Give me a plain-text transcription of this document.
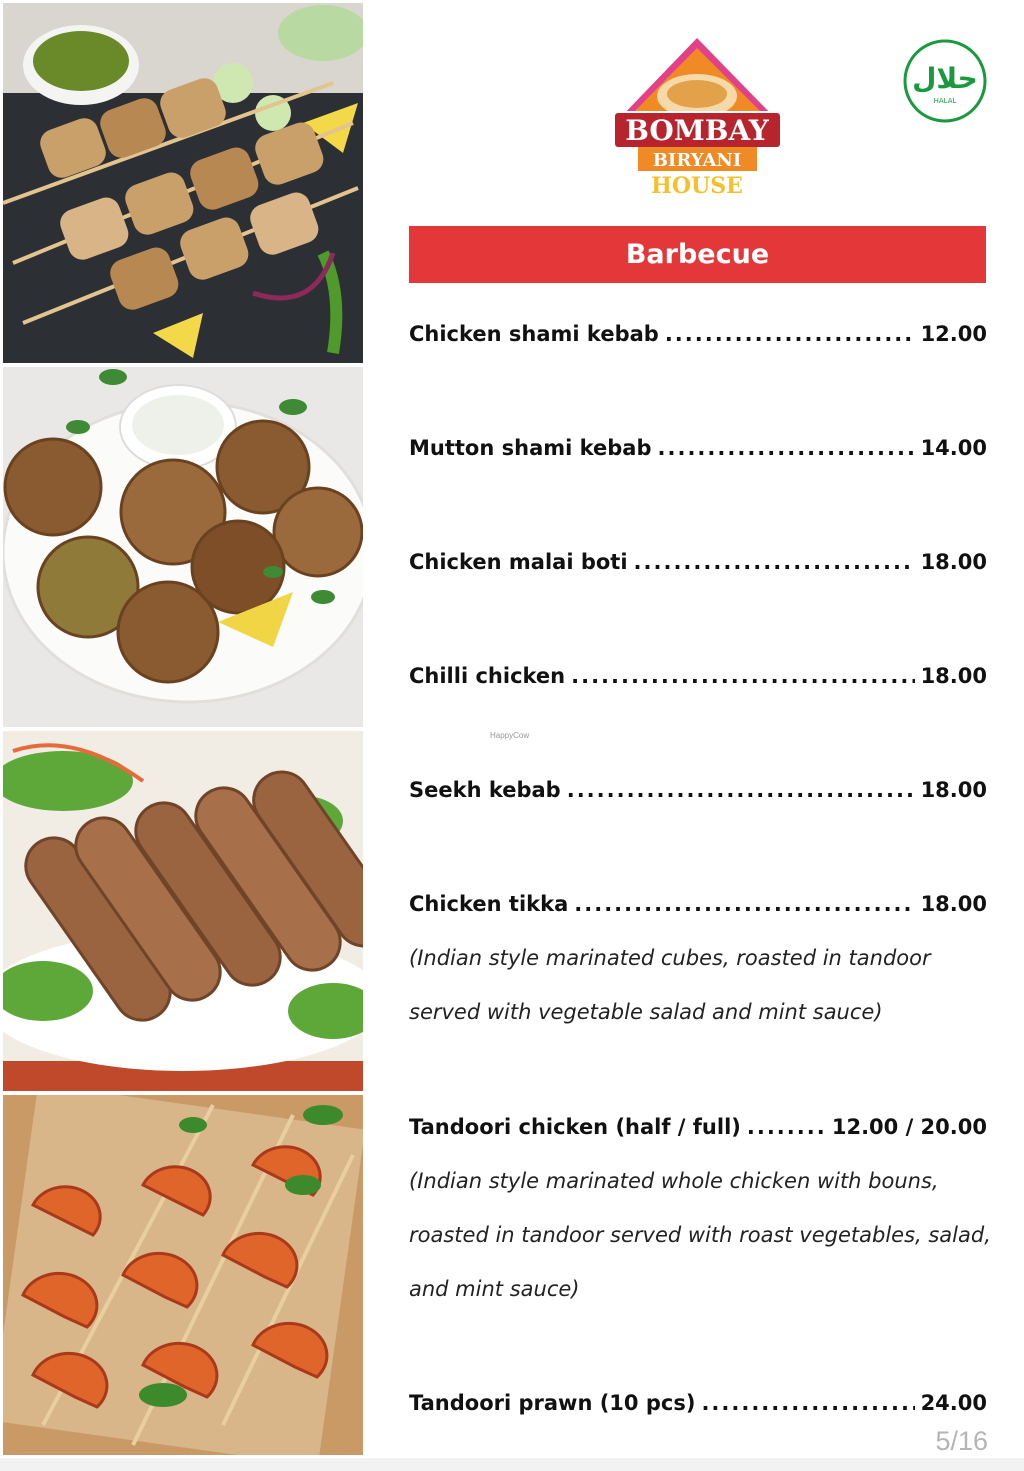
BOMBAY
BIRYANI
HOUSE
حلال
HALAL
Barbecue
Chicken shami kebab .....	12.00
Mutton shami kebab .....	14.00
Chicken malai boti .....	18.00
Chilli chicken .....	18.00
Seekh kebab .....	18.00
Chicken tikka .....	18.00
(Indian style marinated cubes, roasted in tandoor
served with vegetable salad and mint sauce)
Tandoori chicken (half / full) .....	12.00 / 20.00
(Indian style marinated whole chicken with bouns,
roasted in tandoor served with roast vegetables, salad,
and mint sauce)
Tandoori prawn (10 pcs) .....	24.00
HappyCow
5/16
